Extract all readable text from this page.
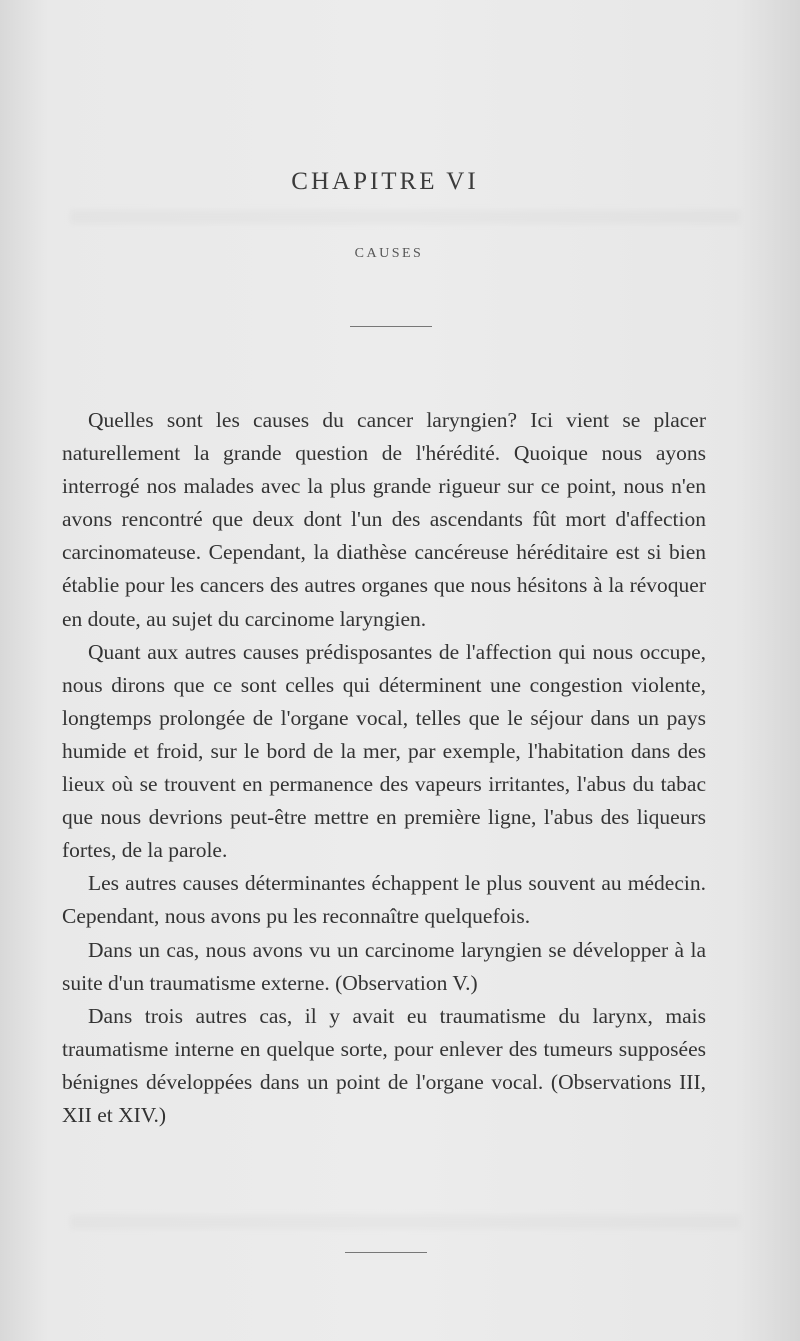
CHAPITRE VI
CAUSES

Quelles sont les causes du cancer laryngien? Ici vient se placer naturellement la grande question de l'hérédité. Quoique nous ayons interrogé nos malades avec la plus grande rigueur sur ce point, nous n'en avons rencontré que deux dont l'un des ascendants fût mort d'affection carcinomateuse. Cependant, la diathèse cancéreuse héréditaire est si bien établie pour les cancers des autres organes que nous hésitons à la révoquer en doute, au sujet du carcinome laryngien.

Quant aux autres causes prédisposantes de l'affection qui nous occupe, nous dirons que ce sont celles qui déterminent une congestion violente, longtemps prolongée de l'organe vocal, telles que le séjour dans un pays humide et froid, sur le bord de la mer, par exemple, l'habitation dans des lieux où se trouvent en permanence des vapeurs irritantes, l'abus du tabac que nous devrions peut-être mettre en première ligne, l'abus des liqueurs fortes, de la parole.

Les autres causes déterminantes échappent le plus souvent au médecin. Cependant, nous avons pu les reconnaître quelquefois.

Dans un cas, nous avons vu un carcinome laryngien se développer à la suite d'un traumatisme externe. (Observation V.)

Dans trois autres cas, il y avait eu traumatisme du larynx, mais traumatisme interne en quelque sorte, pour enlever des tumeurs supposées bénignes développées dans un point de l'organe vocal. (Observations III, XII et XIV.)
